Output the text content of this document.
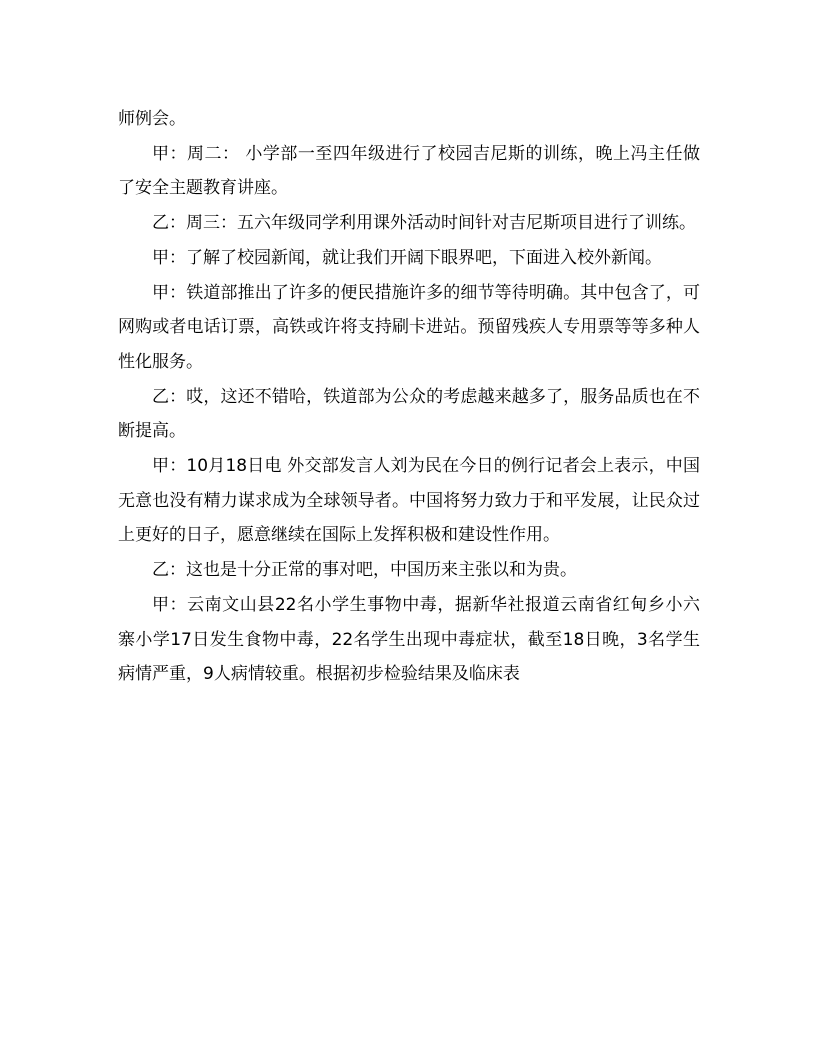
师例会。

甲：周二： 小学部一至四年级进行了校园吉尼斯的训练，晚上冯主任做了安全主题教育讲座。

乙：周三：五六年级同学利用课外活动时间针对吉尼斯项目进行了训练。

甲：了解了校园新闻，就让我们开阔下眼界吧，下面进入校外新闻。

甲：铁道部推出了许多的便民措施许多的细节等待明确。其中包含了，可网购或者电话订票，高铁或许将支持刷卡进站。预留残疾人专用票等等多种人性化服务。

乙：哎，这还不错哈，铁道部为公众的考虑越来越多了，服务品质也在不断提高。

甲：10月18日电 外交部发言人刘为民在今日的例行记者会上表示，中国无意也没有精力谋求成为全球领导者。中国将努力致力于和平发展，让民众过上更好的日子，愿意继续在国际上发挥积极和建设性作用。

乙：这也是十分正常的事对吧，中国历来主张以和为贵。

甲：云南文山县22名小学生事物中毒，据新华社报道云南省红甸乡小六寨小学17日发生食物中毒，22名学生出现中毒症状，截至18日晚，3名学生病情严重，9人病情较重。根据初步检验结果及临床表
